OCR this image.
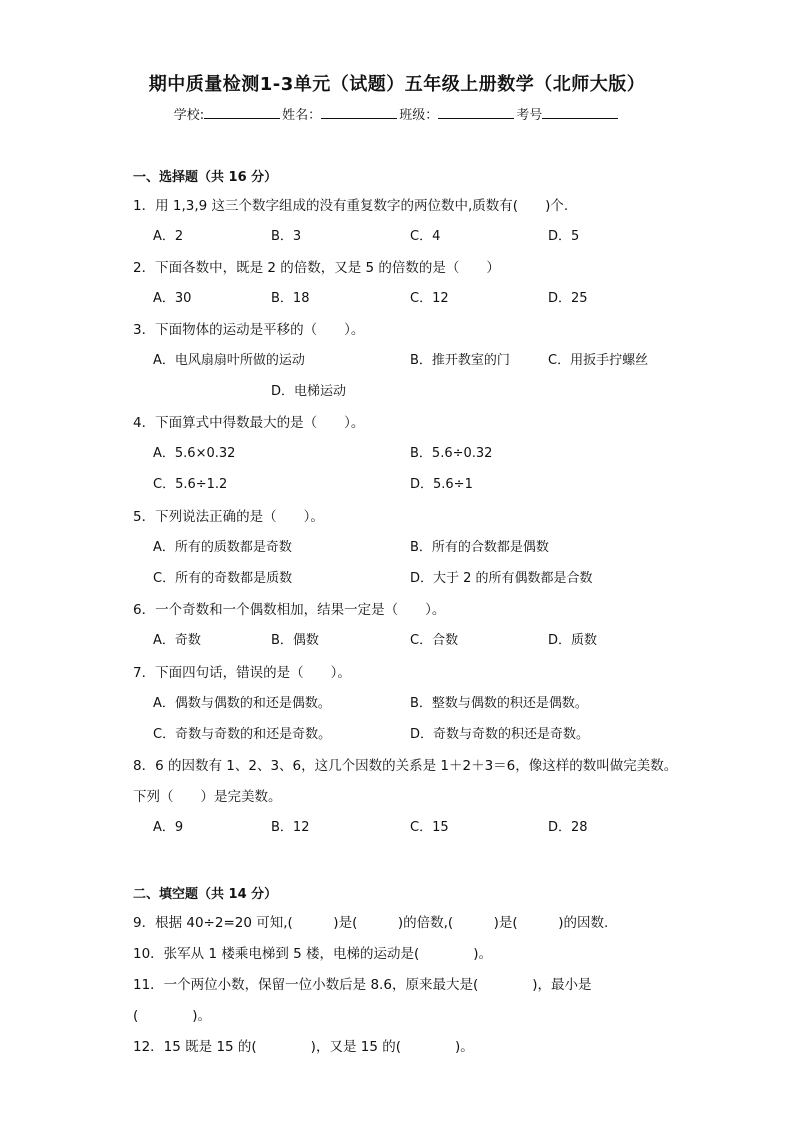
期中质量检测1-3单元（试题）五年级上册数学（北师大版）
学校:	姓名：	班级：	考号
一、选择题（共 16 分）
1．用 1,3,9 这三个数字组成的没有重复数字的两位数中,质数有(　　)个.
A．2	B．3	C．4	D．5
2．下面各数中，既是 2 的倍数，又是 5 的倍数的是（　　）
A．30	B．18	C．12	D．25
3．下面物体的运动是平移的（　　）。
A．电风扇扇叶所做的运动	B．推开教室的门	C．用扳手拧螺丝
D．电梯运动
4．下面算式中得数最大的是（　　）。
A．5.6×0.32	B．5.6÷0.32
C．5.6÷1.2	D．5.6÷1
5．下列说法正确的是（　　）。
A．所有的质数都是奇数	B．所有的合数都是偶数
C．所有的奇数都是质数	D．大于 2 的所有偶数都是合数
6．一个奇数和一个偶数相加，结果一定是（　　）。
A．奇数	B．偶数	C．合数	D．质数
7．下面四句话，错误的是（　　）。
A．偶数与偶数的和还是偶数。	B．整数与偶数的积还是偶数。
C．奇数与奇数的和还是奇数。	D．奇数与奇数的积还是奇数。
8．6 的因数有 1、2、3、6，这几个因数的关系是 1＋2＋3＝6，像这样的数叫做完美数。
下列（　　）是完美数。
A．9	B．12	C．15	D．28
二、填空题（共 14 分）
9．根据 40÷2=20 可知,(　　　)是(　　　)的倍数,(　　　)是(　　　)的因数.
10．张军从 1 楼乘电梯到 5 楼，电梯的运动是(　　　　)。
11．一个两位小数，保留一位小数后是 8.6，原来最大是(　　　　)，最小是
(　　　　)。
12．15 既是 15 的(　　　　)，又是 15 的(　　　　)。
